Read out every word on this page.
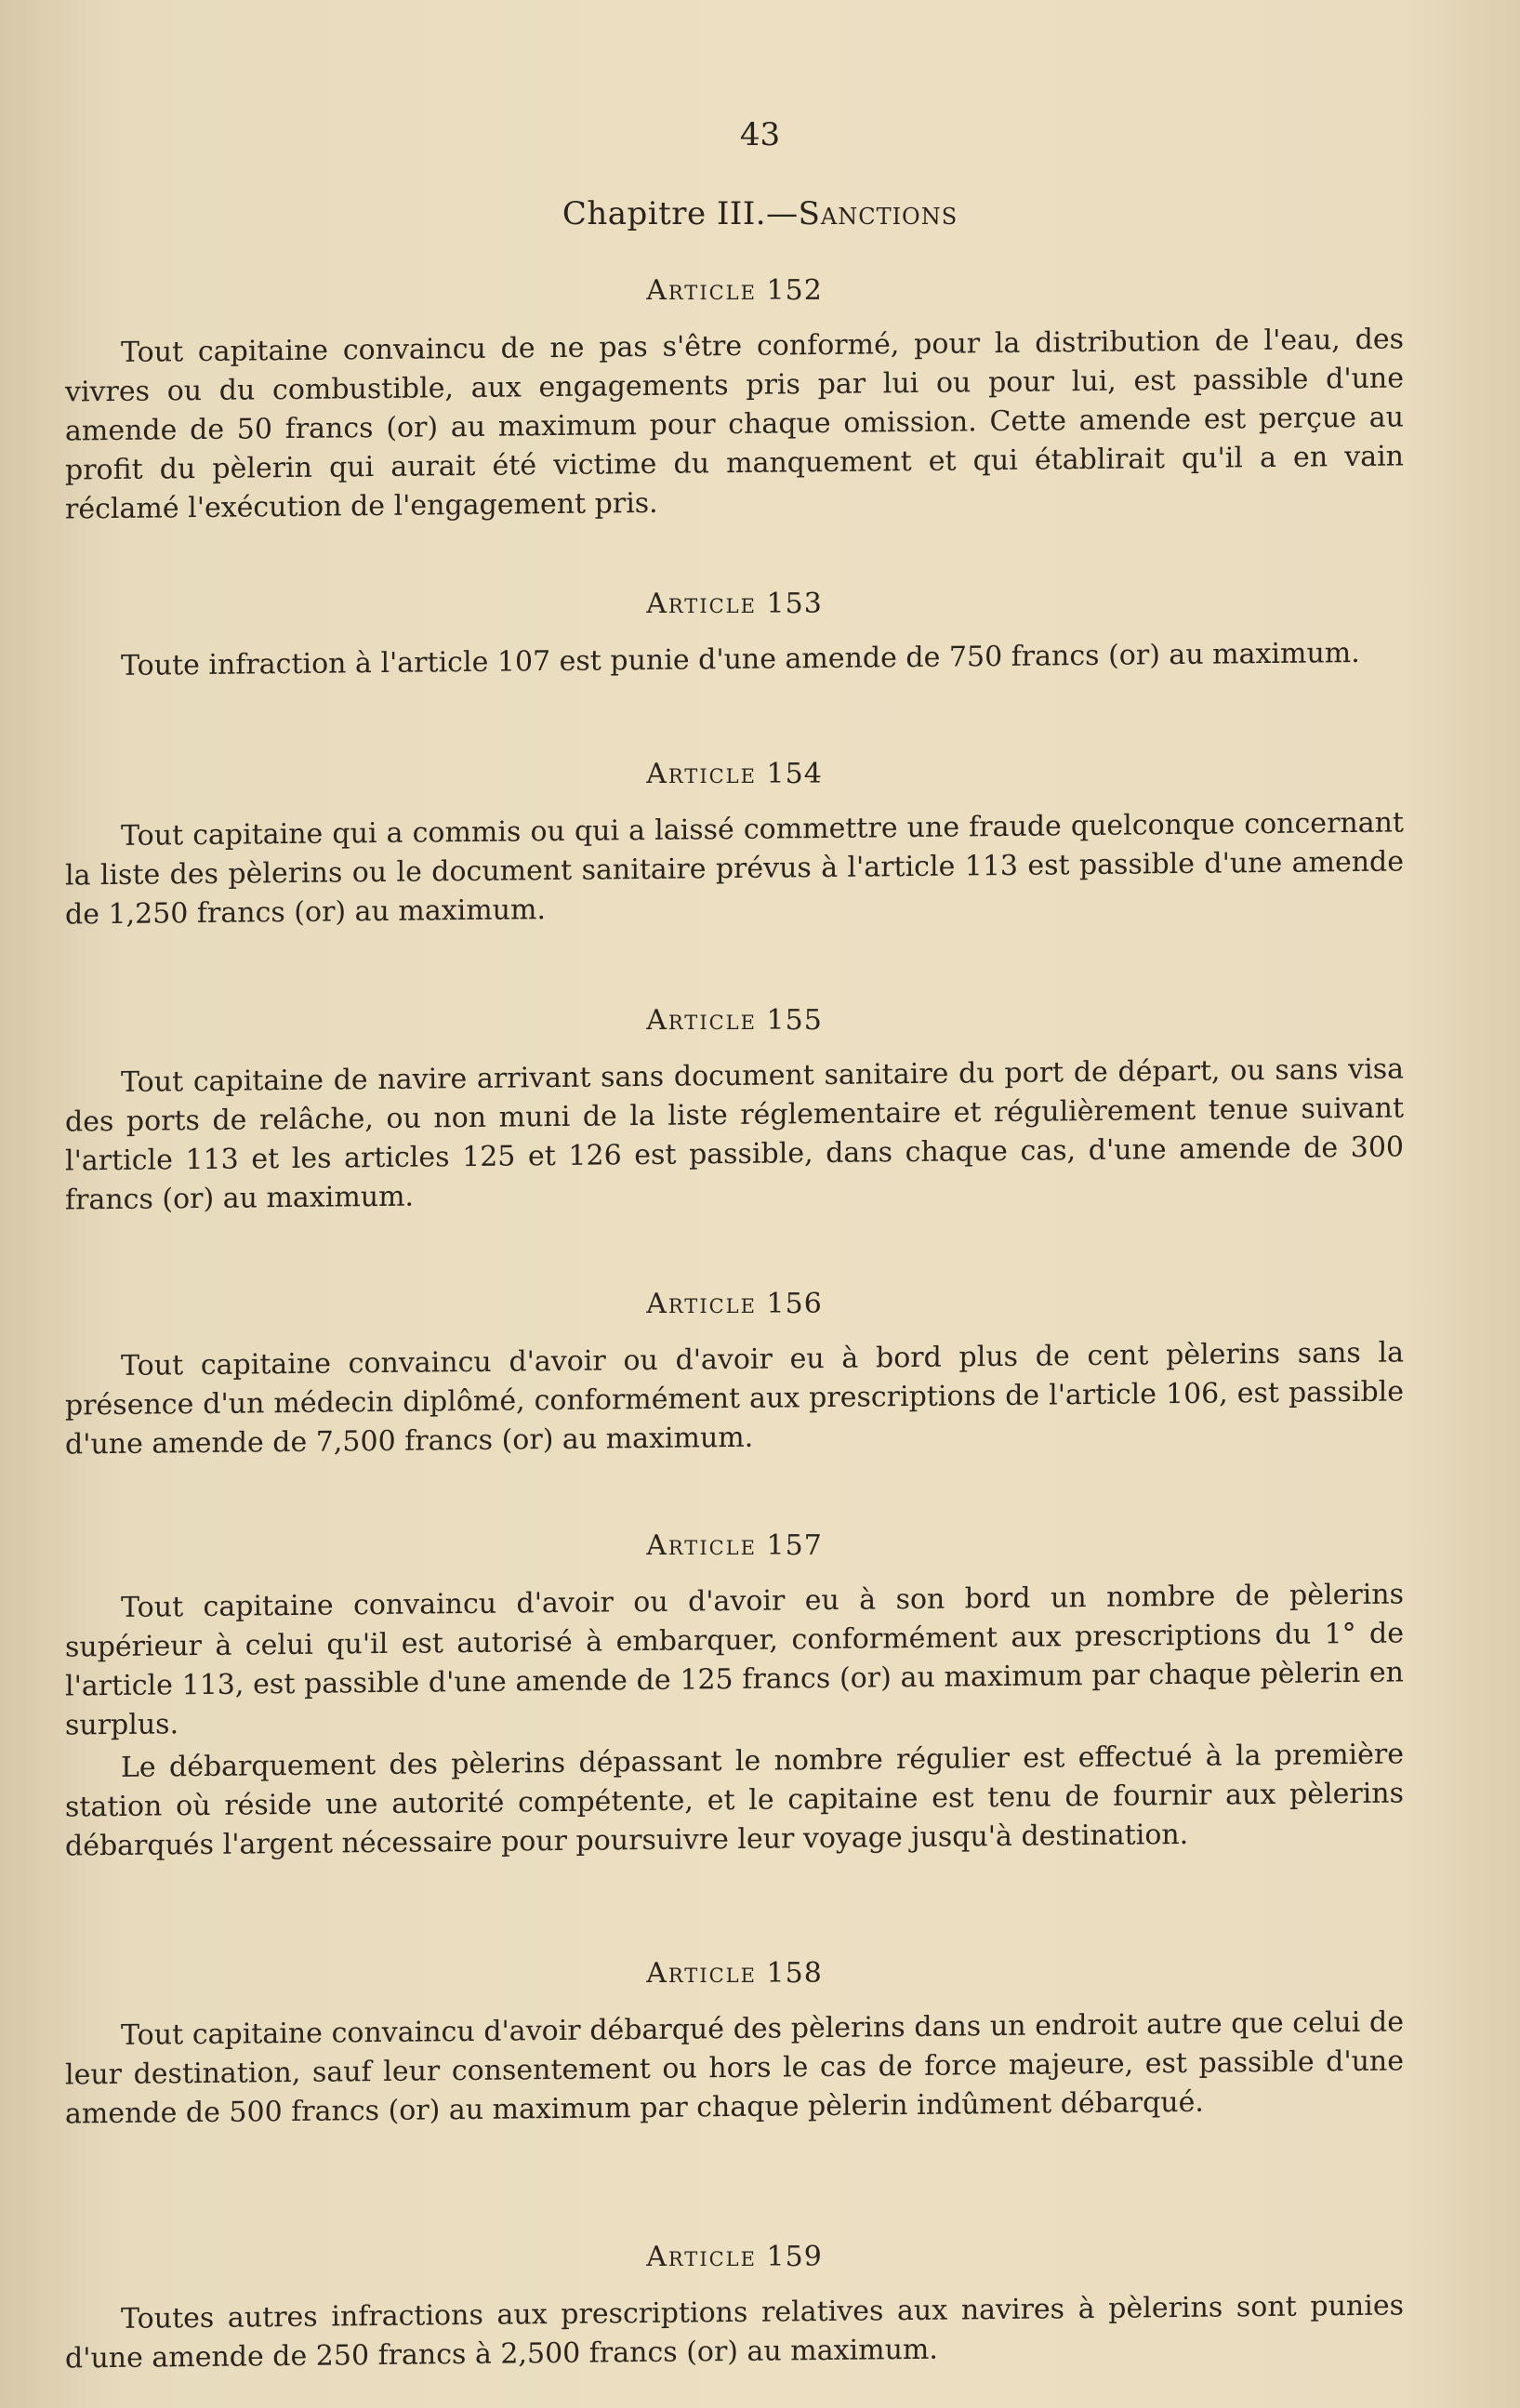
43
Chapitre III.—Sanctions
Article 152

Tout capitaine convaincu de ne pas s'être conformé, pour la distribution de l'eau, des vivres ou du combustible, aux engagements pris par lui ou pour lui, est passible d'une amende de 50 francs (or) au maximum pour chaque omission. Cette amende est perçue au profit du pèlerin qui aurait été victime du manquement et qui établirait qu'il a en vain réclamé l'exécution de l'engagement pris.

Article 153

Toute infraction à l'article 107 est punie d'une amende de 750 francs (or) au maximum.

Article 154

Tout capitaine qui a commis ou qui a laissé commettre une fraude quelconque concernant la liste des pèlerins ou le document sanitaire prévus à l'article 113 est passible d'une amende de 1,250 francs (or) au maximum.

Article 155

Tout capitaine de navire arrivant sans document sanitaire du port de départ, ou sans visa des ports de relâche, ou non muni de la liste réglementaire et régulièrement tenue suivant l'article 113 et les articles 125 et 126 est passible, dans chaque cas, d'une amende de 300 francs (or) au maximum.

Article 156

Tout capitaine convaincu d'avoir ou d'avoir eu à bord plus de cent pèlerins sans la présence d'un médecin diplômé, conformément aux prescriptions de l'article 106, est passible d'une amende de 7,500 francs (or) au maximum.

Article 157

Tout capitaine convaincu d'avoir ou d'avoir eu à son bord un nombre de pèlerins supérieur à celui qu'il est autorisé à embarquer, conformément aux prescriptions du 1° de l'article 113, est passible d'une amende de 125 francs (or) au maximum par chaque pèlerin en surplus.

Le débarquement des pèlerins dépassant le nombre régulier est effectué à la première station où réside une autorité compétente, et le capitaine est tenu de fournir aux pèlerins débarqués l'argent nécessaire pour poursuivre leur voyage jusqu'à destination.

Article 158

Tout capitaine convaincu d'avoir débarqué des pèlerins dans un endroit autre que celui de leur destination, sauf leur consentement ou hors le cas de force majeure, est passible d'une amende de 500 francs (or) au maximum par chaque pèlerin indûment débarqué.

Article 159

Toutes autres infractions aux prescriptions relatives aux navires à pèlerins sont punies d'une amende de 250 francs à 2,500 francs (or) au maximum.
